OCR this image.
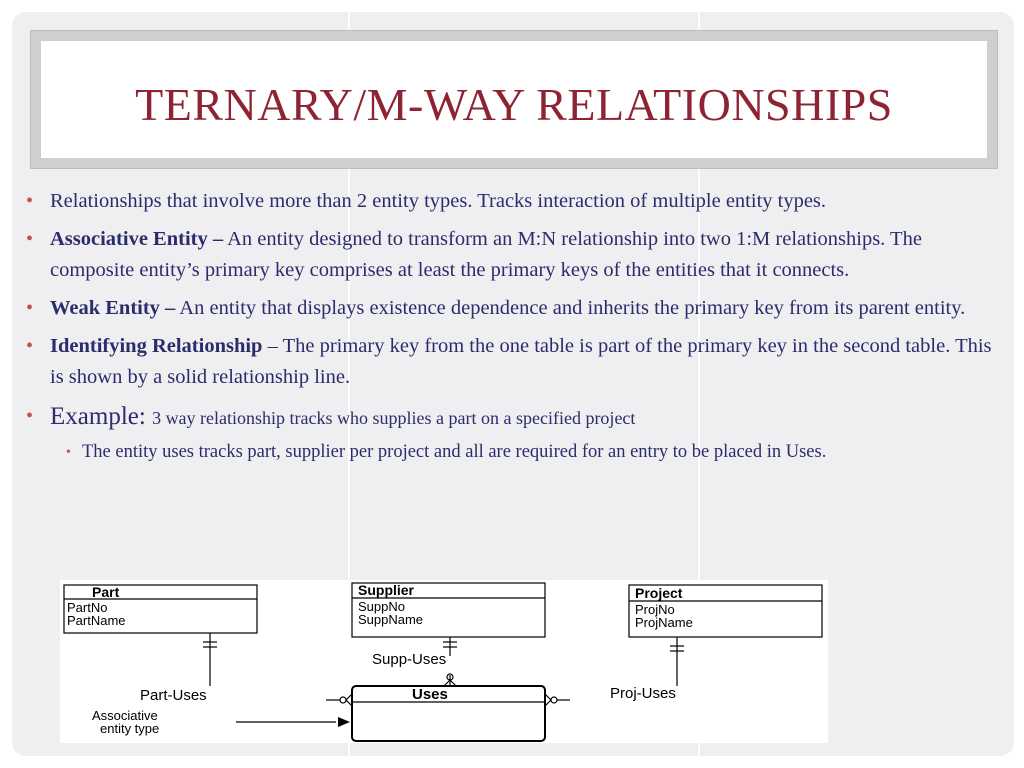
TERNARY/M-WAY RELATIONSHIPS
• Relationships that involve more than 2 entity types. Tracks interaction of multiple entity types.
• Associative Entity – An entity designed to transform an M:N relationship into two 1:M relationships. The composite entity’s primary key comprises at least the primary keys of the entities that it connects.
• Weak Entity – An entity that displays existence dependence and inherits the primary key from its parent entity.
• Identifying Relationship – The primary key from the one table is part of the primary key in the second table. This is shown by a solid relationship line.
• Example: 3 way relationship tracks who supplies a part on a specified project
• The entity uses tracks part, supplier per project and all are required for an entry to be placed in Uses.
Part
PartNo
PartName
Supplier
SuppNo
SuppName
Project
ProjNo
ProjName
Uses
Part-Uses
Supp-Uses
Proj-Uses
Associative
entity type
